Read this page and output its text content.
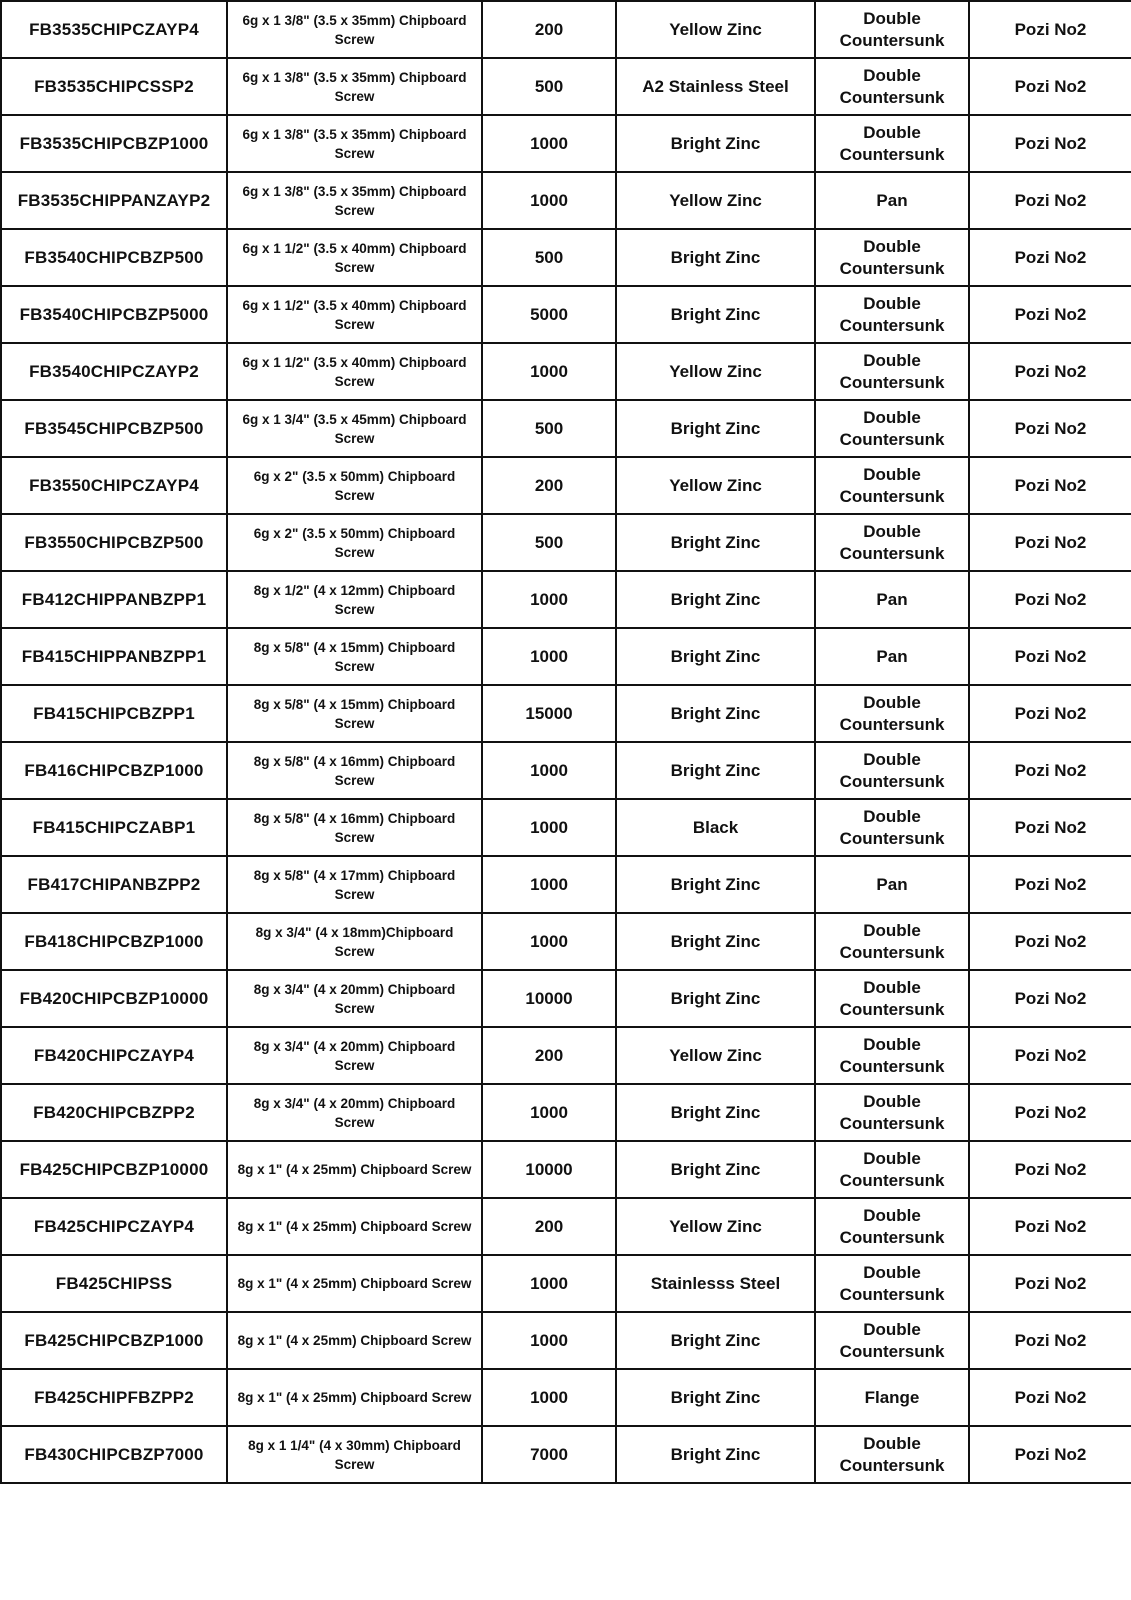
FB3535CHIPCZAYP4	6g x 1 3/8" (3.5 x 35mm) Chipboard Screw	200	Yellow Zinc	Double Countersunk	Pozi No2
FB3535CHIPCSSP2	6g x 1 3/8" (3.5 x 35mm) Chipboard Screw	500	A2 Stainless Steel	Double Countersunk	Pozi No2
FB3535CHIPCBZP1000	6g x 1 3/8" (3.5 x 35mm) Chipboard Screw	1000	Bright Zinc	Double Countersunk	Pozi No2
FB3535CHIPPANZAYP2	6g x 1 3/8" (3.5 x 35mm) Chipboard Screw	1000	Yellow Zinc	Pan	Pozi No2
FB3540CHIPCBZP500	6g x 1 1/2" (3.5 x 40mm) Chipboard Screw	500	Bright Zinc	Double Countersunk	Pozi No2
FB3540CHIPCBZP5000	6g x 1 1/2" (3.5 x 40mm) Chipboard Screw	5000	Bright Zinc	Double Countersunk	Pozi No2
FB3540CHIPCZAYP2	6g x 1 1/2" (3.5 x 40mm) Chipboard Screw	1000	Yellow Zinc	Double Countersunk	Pozi No2
FB3545CHIPCBZP500	6g x 1 3/4" (3.5 x 45mm) Chipboard Screw	500	Bright Zinc	Double Countersunk	Pozi No2
FB3550CHIPCZAYP4	6g x 2" (3.5 x 50mm) Chipboard Screw	200	Yellow Zinc	Double Countersunk	Pozi No2
FB3550CHIPCBZP500	6g x 2" (3.5 x 50mm) Chipboard Screw	500	Bright Zinc	Double Countersunk	Pozi No2
FB412CHIPPANBZPP1	8g x 1/2" (4 x 12mm) Chipboard Screw	1000	Bright Zinc	Pan	Pozi No2
FB415CHIPPANBZPP1	8g x 5/8" (4 x 15mm) Chipboard Screw	1000	Bright Zinc	Pan	Pozi No2
FB415CHIPCBZPP1	8g x 5/8" (4 x 15mm) Chipboard Screw	15000	Bright Zinc	Double Countersunk	Pozi No2
FB416CHIPCBZP1000	8g x 5/8" (4 x 16mm) Chipboard Screw	1000	Bright Zinc	Double Countersunk	Pozi No2
FB415CHIPCZABP1	8g x 5/8" (4 x 16mm) Chipboard Screw	1000	Black	Double Countersunk	Pozi No2
FB417CHIPANBZPP2	8g x 5/8" (4 x 17mm) Chipboard Screw	1000	Bright Zinc	Pan	Pozi No2
FB418CHIPCBZP1000	8g x 3/4" (4 x 18mm)Chipboard Screw	1000	Bright Zinc	Double Countersunk	Pozi No2
FB420CHIPCBZP10000	8g x 3/4" (4 x 20mm) Chipboard Screw	10000	Bright Zinc	Double Countersunk	Pozi No2
FB420CHIPCZAYP4	8g x 3/4" (4 x 20mm) Chipboard Screw	200	Yellow Zinc	Double Countersunk	Pozi No2
FB420CHIPCBZPP2	8g x 3/4" (4 x 20mm) Chipboard Screw	1000	Bright Zinc	Double Countersunk	Pozi No2
FB425CHIPCBZP10000	8g x 1" (4 x 25mm) Chipboard Screw	10000	Bright Zinc	Double Countersunk	Pozi No2
FB425CHIPCZAYP4	8g x 1" (4 x 25mm) Chipboard Screw	200	Yellow Zinc	Double Countersunk	Pozi No2
FB425CHIPSS	8g x 1" (4 x 25mm) Chipboard Screw	1000	Stainlesss Steel	Double Countersunk	Pozi No2
FB425CHIPCBZP1000	8g x 1" (4 x 25mm) Chipboard Screw	1000	Bright Zinc	Double Countersunk	Pozi No2
FB425CHIPFBZPP2	8g x 1" (4 x 25mm) Chipboard Screw	1000	Bright Zinc	Flange	Pozi No2
FB430CHIPCBZP7000	8g x 1 1/4" (4 x 30mm) Chipboard Screw	7000	Bright Zinc	Double Countersunk	Pozi No2
